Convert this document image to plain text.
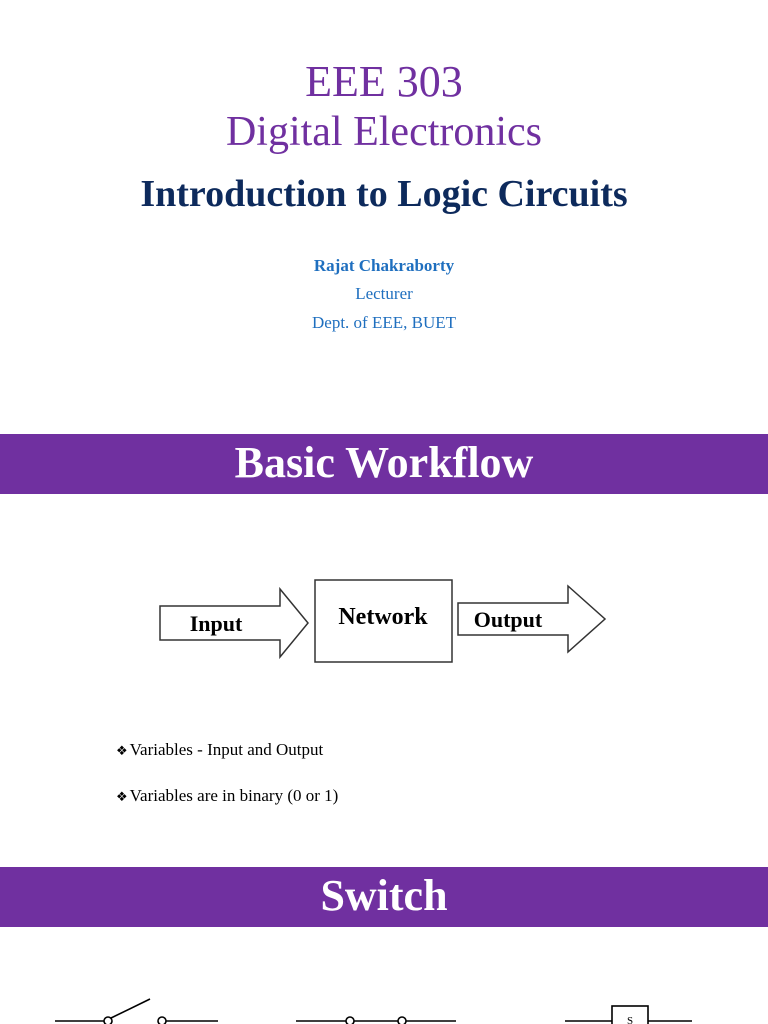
EEE 303
Digital Electronics
Introduction to Logic Circuits
Rajat Chakraborty
Lecturer
Dept. of EEE, BUET
Basic Workflow
Input	Network Output
❖ Variables - Input and Output
❖ Variables are in binary (0 or 1)
Switch
S
